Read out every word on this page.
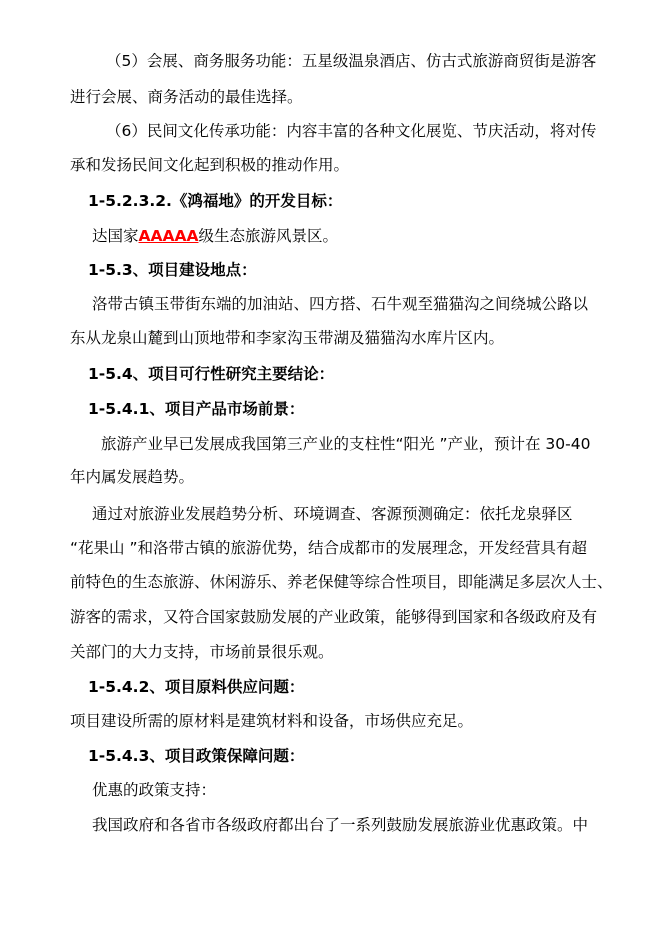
（5）会展、商务服务功能：五星级温泉酒店、仿古式旅游商贸街是游客
进行会展、商务活动的最佳选择。
（6）民间文化传承功能：内容丰富的各种文化展览、节庆活动，将对传
承和发扬民间文化起到积极的推动作用。
1-5.2.3.2.《鸿福地》的开发目标：
达国家AAAAA级生态旅游风景区。
1-5.3、项目建设地点：
洛带古镇玉带街东端的加油站、四方搭、石牛观至猫猫沟之间绕城公路以
东从龙泉山麓到山顶地带和李家沟玉带湖及猫猫沟水库片区内。
1-5.4、项目可行性研究主要结论：
1-5.4.1、项目产品市场前景：
旅游产业早已发展成我国第三产业的支柱性“阳光 ”产业，预计在 30-40
年内属发展趋势。
通过对旅游业发展趋势分析、环境调查、客源预测确定：依托龙泉驿区
“花果山 ”和洛带古镇的旅游优势，结合成都市的发展理念，开发经营具有超
前特色的生态旅游、休闲游乐、养老保健等综合性项目，即能满足多层次人士、
游客的需求，又符合国家鼓励发展的产业政策，能够得到国家和各级政府及有
关部门的大力支持，市场前景很乐观。
1-5.4.2、项目原料供应问题：
项目建设所需的原材料是建筑材料和设备，市场供应充足。
1-5.4.3、项目政策保障问题：
优惠的政策支持：
我国政府和各省市各级政府都出台了一系列鼓励发展旅游业优惠政策。中
